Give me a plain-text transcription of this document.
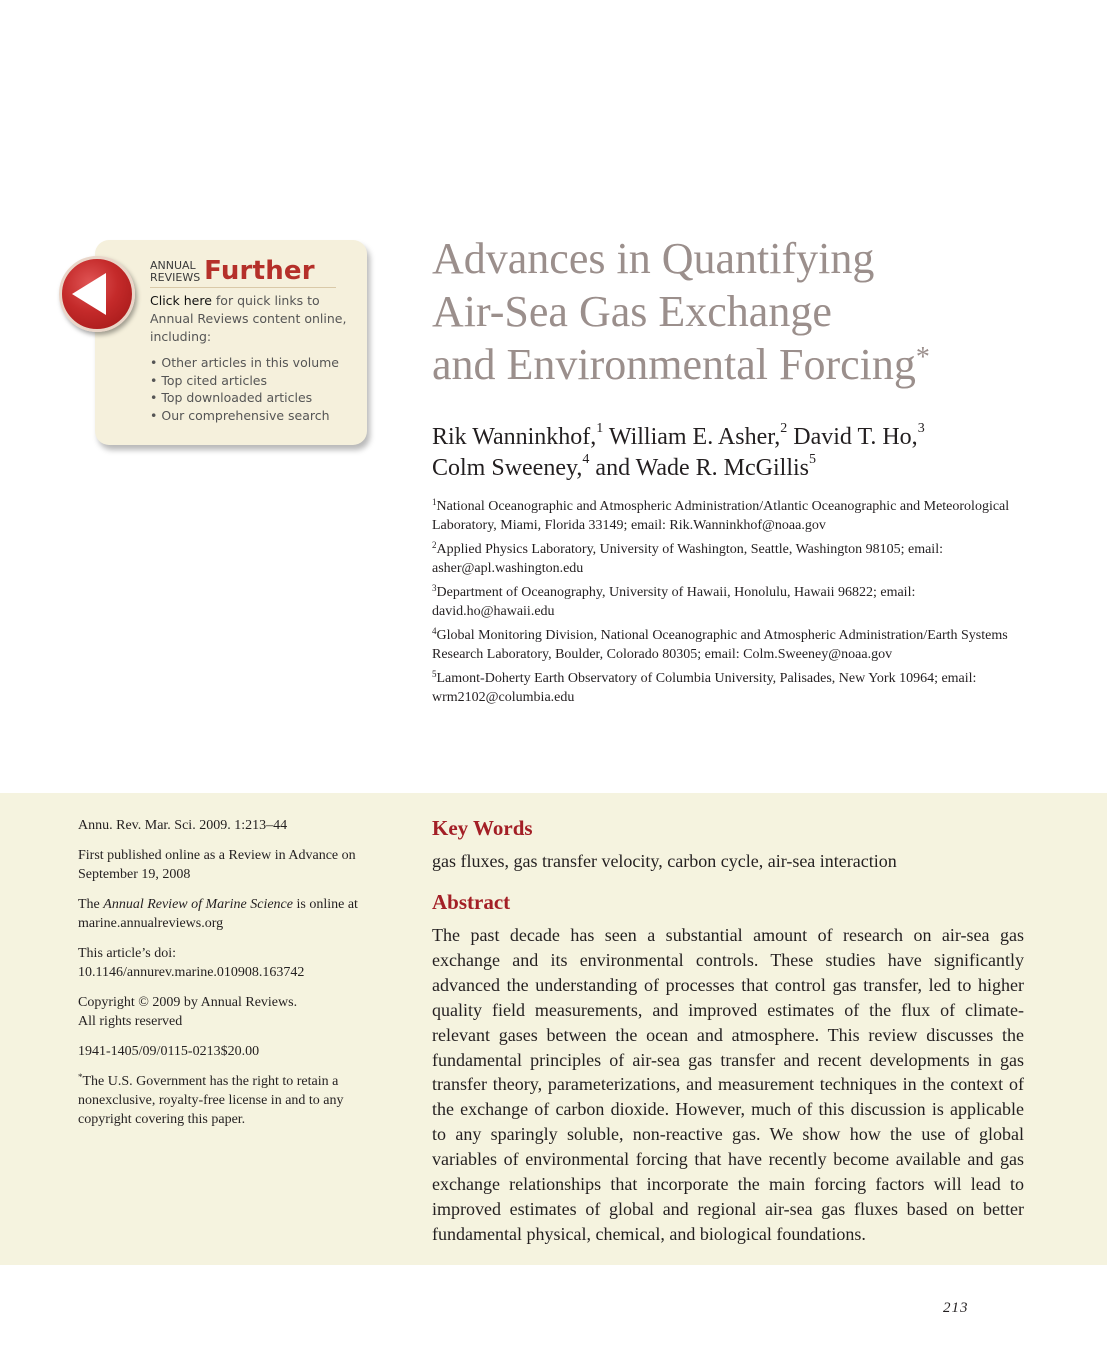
ANNUAL
REVIEWS Further
Click here for quick links to Annual Reviews content online, including:
• Other articles in this volume
• Top cited articles
• Top downloaded articles
• Our comprehensive search
Advances in Quantifying
Air-Sea Gas Exchange
and Environmental Forcing*
Rik Wanninkhof,$^1$ William E. Asher,$^2$ David T. Ho,$^3$
Colm Sweeney,$^4$ and Wade R. McGillis$^5$
$^1$National Oceanographic and Atmospheric Administration/Atlantic Oceanographic and Meteorological Laboratory, Miami, Florida 33149; email: Rik.Wanninkhof@noaa.gov
$^2$Applied Physics Laboratory, University of Washington, Seattle, Washington 98105; email: asher@apl.washington.edu
$^3$Department of Oceanography, University of Hawaii, Honolulu, Hawaii 96822; email: david.ho@hawaii.edu
$^4$Global Monitoring Division, National Oceanographic and Atmospheric Administration/Earth Systems Research Laboratory, Boulder, Colorado 80305; email: Colm.Sweeney@noaa.gov
$^5$Lamont-Doherty Earth Observatory of Columbia University, Palisades, New York 10964; email: wrm2102@columbia.edu

Annu. Rev. Mar. Sci. 2009. 1:213–44

First published online as a Review in Advance on September 19, 2008

The Annual Review of Marine Science is online at marine.annualreviews.org

This article’s doi:
10.1146/annurev.marine.010908.163742

Copyright © 2009 by Annual Reviews.
All rights reserved

1941-1405/09/0115-0213$20.00

*The U.S. Government has the right to retain a nonexclusive, royalty-free license in and to any copyright covering this paper.

Key Words
gas fluxes, gas transfer velocity, carbon cycle, air-sea interaction
Abstract
The past decade has seen a substantial amount of research on air-sea gas exchange and its environmental controls. These studies have significantly advanced the understanding of processes that control gas transfer, led to higher quality field measurements, and improved estimates of the flux of climate-relevant gases between the ocean and atmosphere. This review discusses the fundamental principles of air-sea gas transfer and recent developments in gas transfer theory, parameterizations, and measurement techniques in the context of the exchange of carbon dioxide. However, much of this discussion is applicable to any sparingly soluble, non-reactive gas. We show how the use of global variables of environmental forcing that have recently become available and gas exchange relationships that incorporate the main forcing factors will lead to improved estimates of global and regional air-sea gas fluxes based on better fundamental physical, chemical, and biological foundations.
213
